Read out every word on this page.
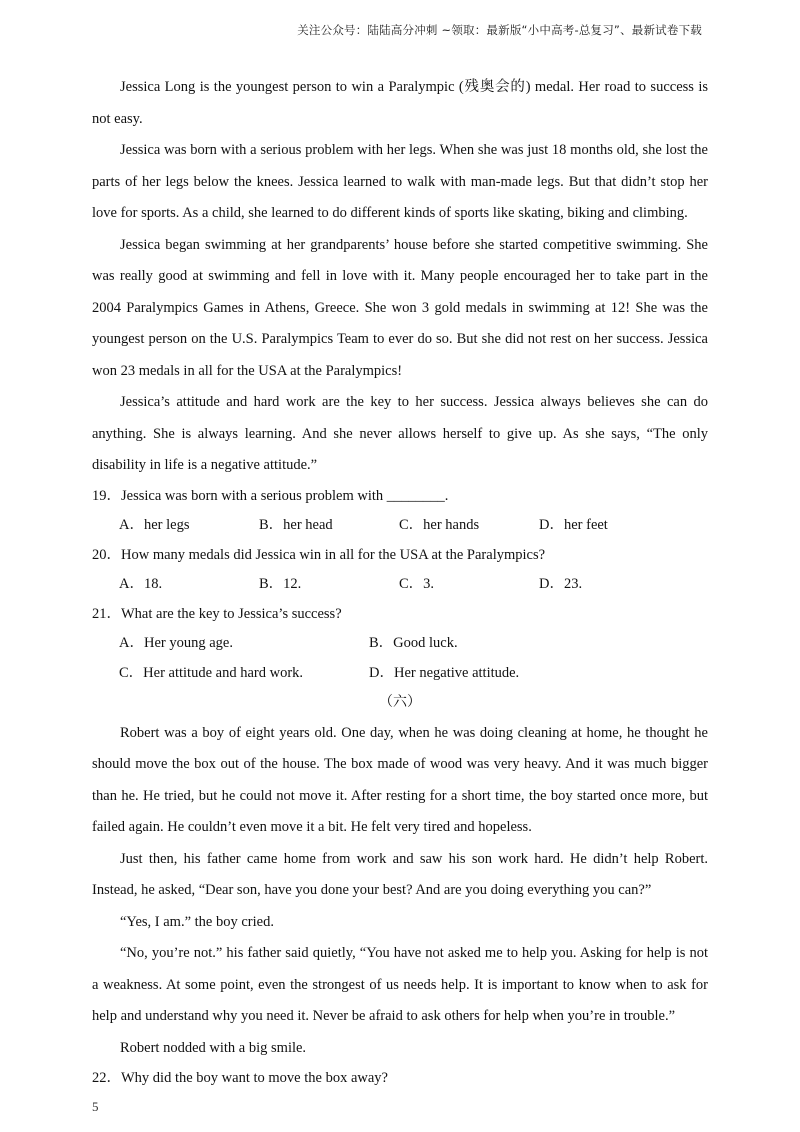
关注公众号：陆陆高分冲刺 ~领取：最新版“小中高考-总复习”、最新试卷下载

Jessica Long is the youngest person to win a Paralympic (残奥会的) medal. Her road to success is not easy.

Jessica was born with a serious problem with her legs. When she was just 18 months old, she lost the parts of her legs below the knees. Jessica learned to walk with man-made legs. But that didn’t stop her love for sports. As a child, she learned to do different kinds of sports like skating, biking and climbing.

Jessica began swimming at her grandparents’ house before she started competitive swimming. She was really good at swimming and fell in love with it. Many people encouraged her to take part in the 2004 Paralympics Games in Athens, Greece. She won 3 gold medals in swimming at 12! She was the youngest person on the U.S. Paralympics Team to ever do so. But she did not rest on her success. Jessica won 23 medals in all for the USA at the Paralympics!

Jessica’s attitude and hard work are the key to her success. Jessica always believes she can do anything. She is always learning. And she never allows herself to give up. As she says, “The only disability in life is a negative attitude.”

19．Jessica was born with a serious problem with ________.

A．her legs	B．her head	C．her hands	D．her feet

20．How many medals did Jessica win in all for the USA at the Paralympics?

A．18.	B．12.	C．3.	D．23.

21．What are the key to Jessica’s success?

A．Her young age.	B．Good luck.
C．Her attitude and hard work.	D．Her negative attitude.

（六）

Robert was a boy of eight years old. One day, when he was doing cleaning at home, he thought he should move the box out of the house. The box made of wood was very heavy. And it was much bigger than he. He tried, but he could not move it. After resting for a short time, the boy started once more, but failed again. He couldn’t even move it a bit. He felt very tired and hopeless.

Just then, his father came home from work and saw his son work hard. He didn’t help Robert. Instead, he asked, “Dear son, have you done your best? And are you doing everything you can?”

“Yes, I am.” the boy cried.

“No, you’re not.” his father said quietly, “You have not asked me to help you. Asking for help is not a weakness. At some point, even the strongest of us needs help. It is important to know when to ask for help and understand why you need it. Never be afraid to ask others for help when you’re in trouble.”

Robert nodded with a big smile.

22．Why did the boy want to move the box away?

5
